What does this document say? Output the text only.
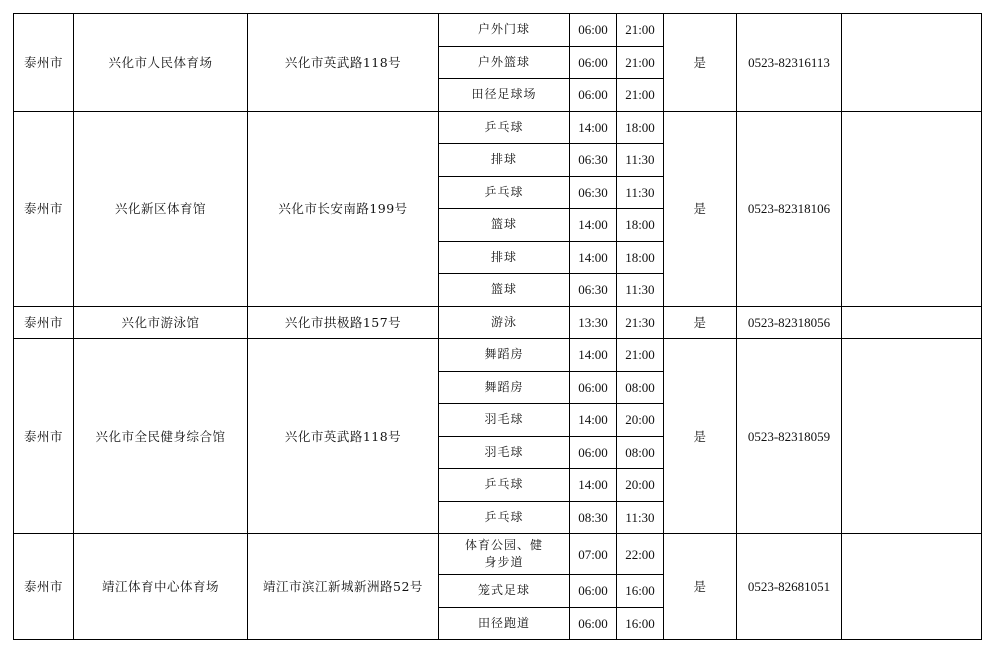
泰州市	兴化市人民体育场	兴化市英武路118号	户外门球	06:00	21:00	是	0523-82316113	
			户外篮球	06:00	21:00			
			田径足球场	06:00	21:00			
泰州市	兴化新区体育馆	兴化市长安南路199号	乒乓球	14:00	18:00	是	0523-82318106	
			排球	06:30	11:30			
			乒乓球	06:30	11:30			
			篮球	14:00	18:00			
			排球	14:00	18:00			
			篮球	06:30	11:30			
泰州市	兴化市游泳馆	兴化市拱极路157号	游泳	13:30	21:30	是	0523-82318056	
泰州市	兴化市全民健身综合馆	兴化市英武路118号	舞蹈房	14:00	21:00	是	0523-82318059	
			舞蹈房	06:00	08:00			
			羽毛球	14:00	20:00			
			羽毛球	06:00	08:00			
			乒乓球	14:00	20:00			
			乒乓球	08:30	11:30			
泰州市	靖江体育中心体育场	靖江市滨江新城新洲路52号	体育公园、健身步道	07:00	22:00	是	0523-82681051	
			笼式足球	06:00	16:00			
			田径跑道	06:00	16:00			
